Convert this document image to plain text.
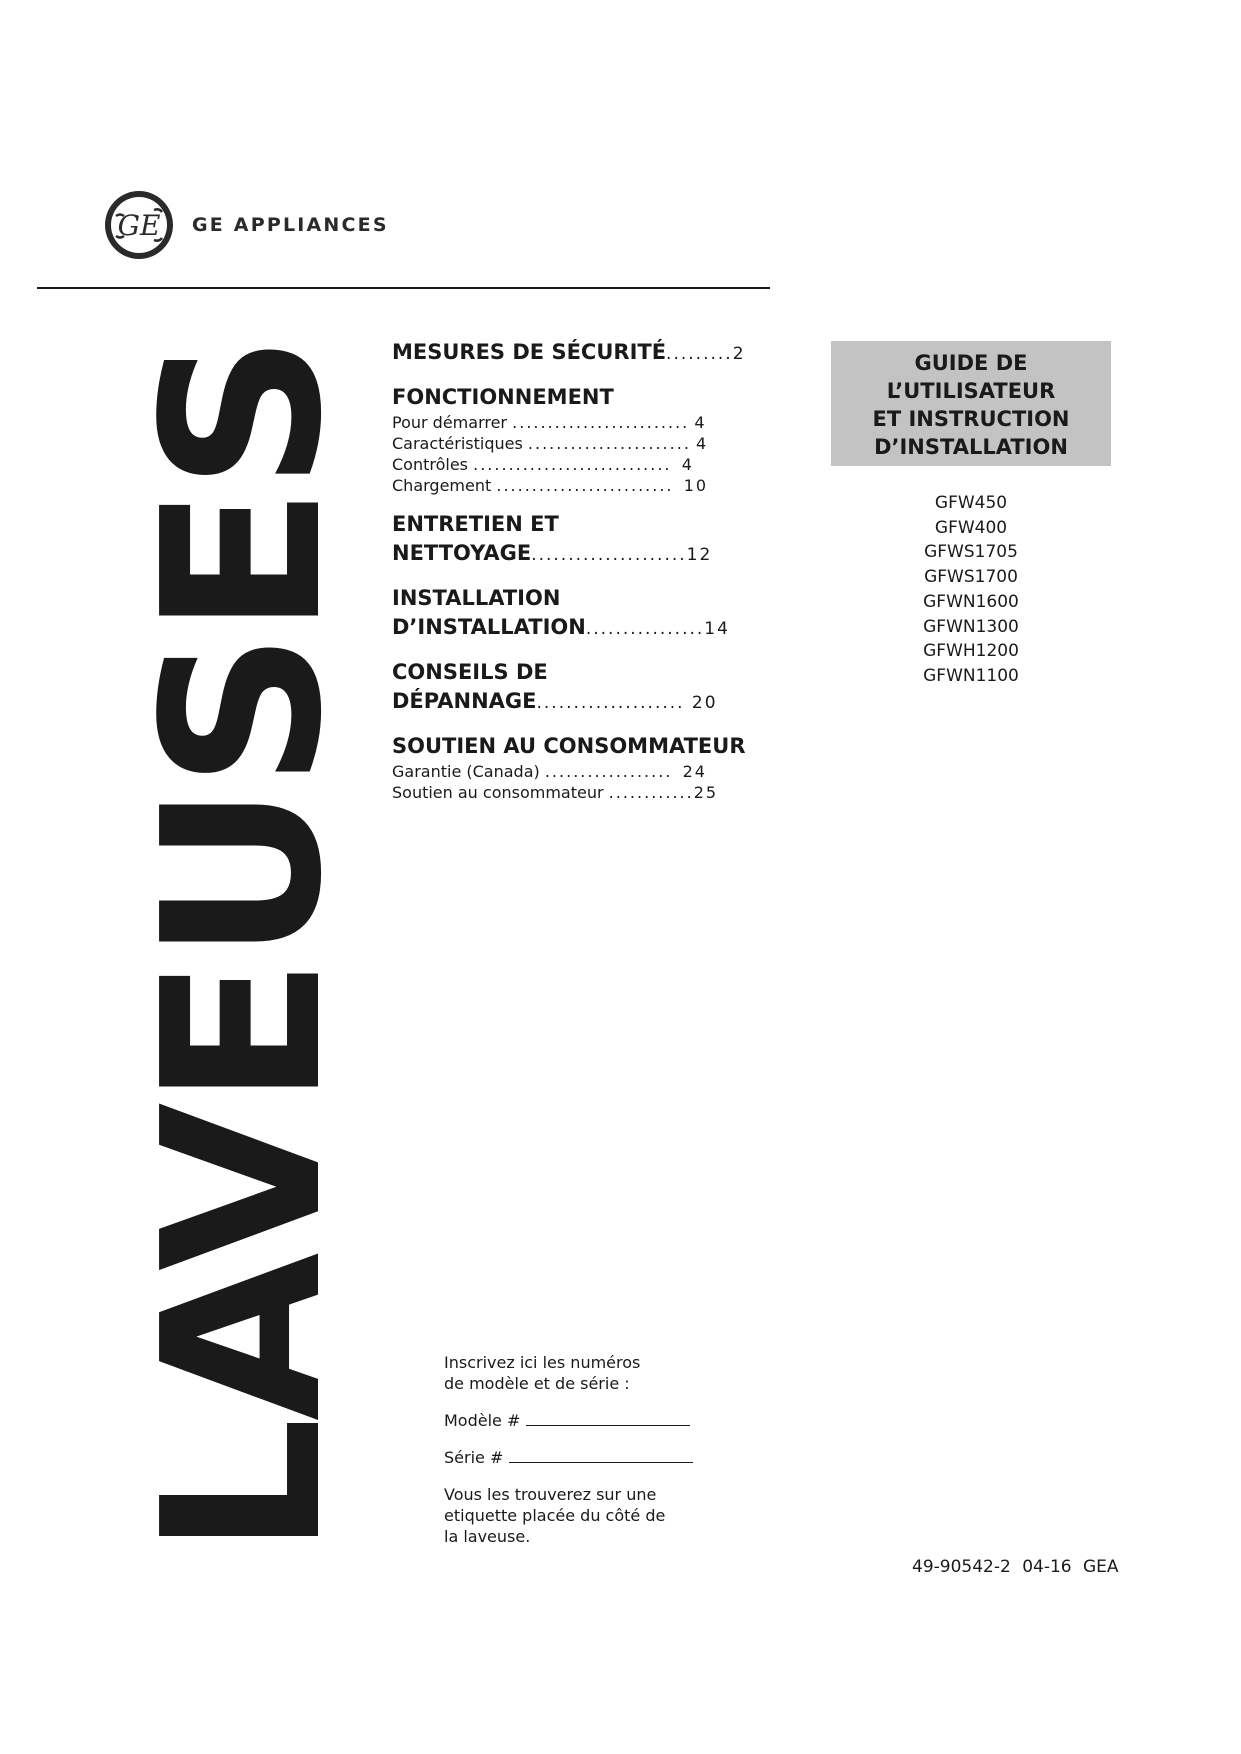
GE GE APPLIANCES
LAVEUSES MESURES DE SÉCURITÉ.........2
FONCTIONNEMENT
Pour démarrer ......................... 4
Caractéristiques ....................... 4
Contrôles ............................ 4
Chargement ......................... 10
ENTRETIEN ET
NETTOYAGE.....................12
INSTALLATION
D’INSTALLATION................14
CONSEILS DE
DÉPANNAGE.................... 20
SOUTIEN AU CONSOMMATEUR
Garantie (Canada) .................. 24
Soutien au consommateur ............25
GUIDE DE
L’UTILISATEUR
ET INSTRUCTION
D’INSTALLATION
GFW450
GFW400
GFWS1705
GFWS1700
GFWN1600
GFWN1300
GFWH1200
GFWN1100

Inscrivez ici les numéros
de modèle et de série :

Modèle #

Série #

Vous les trouverez sur une
etiquette placée du côté de
la laveuse.

49-90542-2 04-16 GEA
